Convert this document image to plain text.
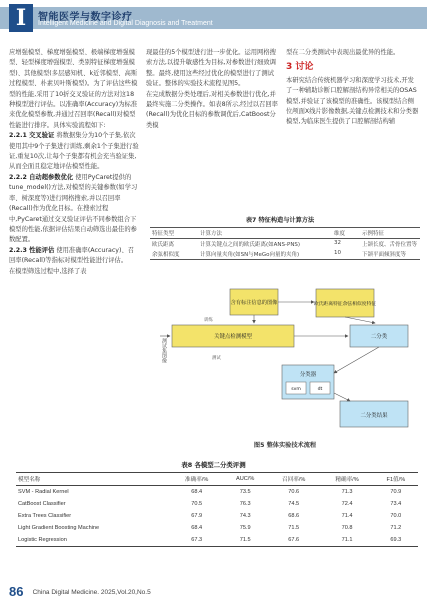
I	智能医学与数字诊疗
Intelligent Medicine and Digital Diagnosis and Treatment

应增强模型、梯度增强模型、极端梯度增强模型、轻型梯度增强模型、类别特征梯度增强模型)、其他模型(多层感知机、k近邻模型、高斯过程模型、朴素贝叶斯模型)。为了评估这些模型的性能,采用了10折交叉验证的方法对这18种模型进行评估。以准确率(Accuracy)为标准来优化模型参数,并通过召回率(Recall)对模型性能进行排序。具体实验流程如下:

2.2.1 交叉验证 将数据集分为10个子集,依次使用其中9个子集进行训练,剩余1个子集进行验证,重复10次,让每个子集都有机会充当验证集,从而全面且稳定地评估模型性能。

2.2.2 自动超参数优化 使用PyCaret提供的tune_model()方法,对模型的关键参数(如学习率、树深度等)进行网格搜索,并以召回率(Recall)作为优化目标。在搜索过程中,PyCaret通过交叉验证评估不同参数组合下模型的性能,依据评估结果自动筛选出最佳的参数配置。

2.2.3 性能评估 使用准确率(Accuracy)、召回率(Recall)等指标对模型性能进行评估。

在模型筛选过程中,选择了表

现最佳的5个模型进行进一步优化。运用网格搜索方法,以提升敏感性为目标,对参数进行细致调整。最终,使用这些经过优化的模型进行了测试验证。整体的实验技术流程见图5。

在完成数据分类处理后,对相关参数进行优化,并最终实施二分类操作。如表8所示,经过以召回率(Recall)为优化目标的参数调优后,CatBoost分类模

型在二分类测试中表现出最优异的性能。

3 讨论

本研究结合传统机器学习和深度学习技术,开发了一种辅助诊断口腔解剖结构异常相关的OSAS模型,并验证了该模型的准确性。该模型结合侧位颅面X线片影像数据,关键点检测技术和分类器模型,为临床医生提供了口腔解剖结构辅

表7 特征构造与计算方法
特征类型	计算方法	维度	示例特征
欧氏距离	计算关键点之间的欧氏距离(如ANS-PNS)	32	上颌长度、舌骨位置等
余弦相似度	计算向量夹角(如SN与MeGo向量的夹角)	10	下颌平面倾斜度等
测试集图像
含有标注信息的图像	欧氏距离特征余弦相似度特征
关键点检测模型	二分类
分类器
svm	dt
二分类结果
训练
测试
图5 整体实验技术流程
表8 各模型二分类评测
模型名称	准确率/%	AUC/%	召回率/%	精确率/%	F1值/%
SVM - Radial Kernel	68.4	73.5	70.6	71.3	70.9
CatBoost Classifier	70.5	76.3	74.5	72.4	73.4
Extra Trees Classifier	67.9	74.3	68.6	71.4	70.0
Light Gradient Boosting Machine	68.4	75.9	71.5	70.8	71.2
Logistic Regression	67.3	71.5	67.6	71.1	69.3
86 China Digital Medicine. 2025,Vol.20,No.5
